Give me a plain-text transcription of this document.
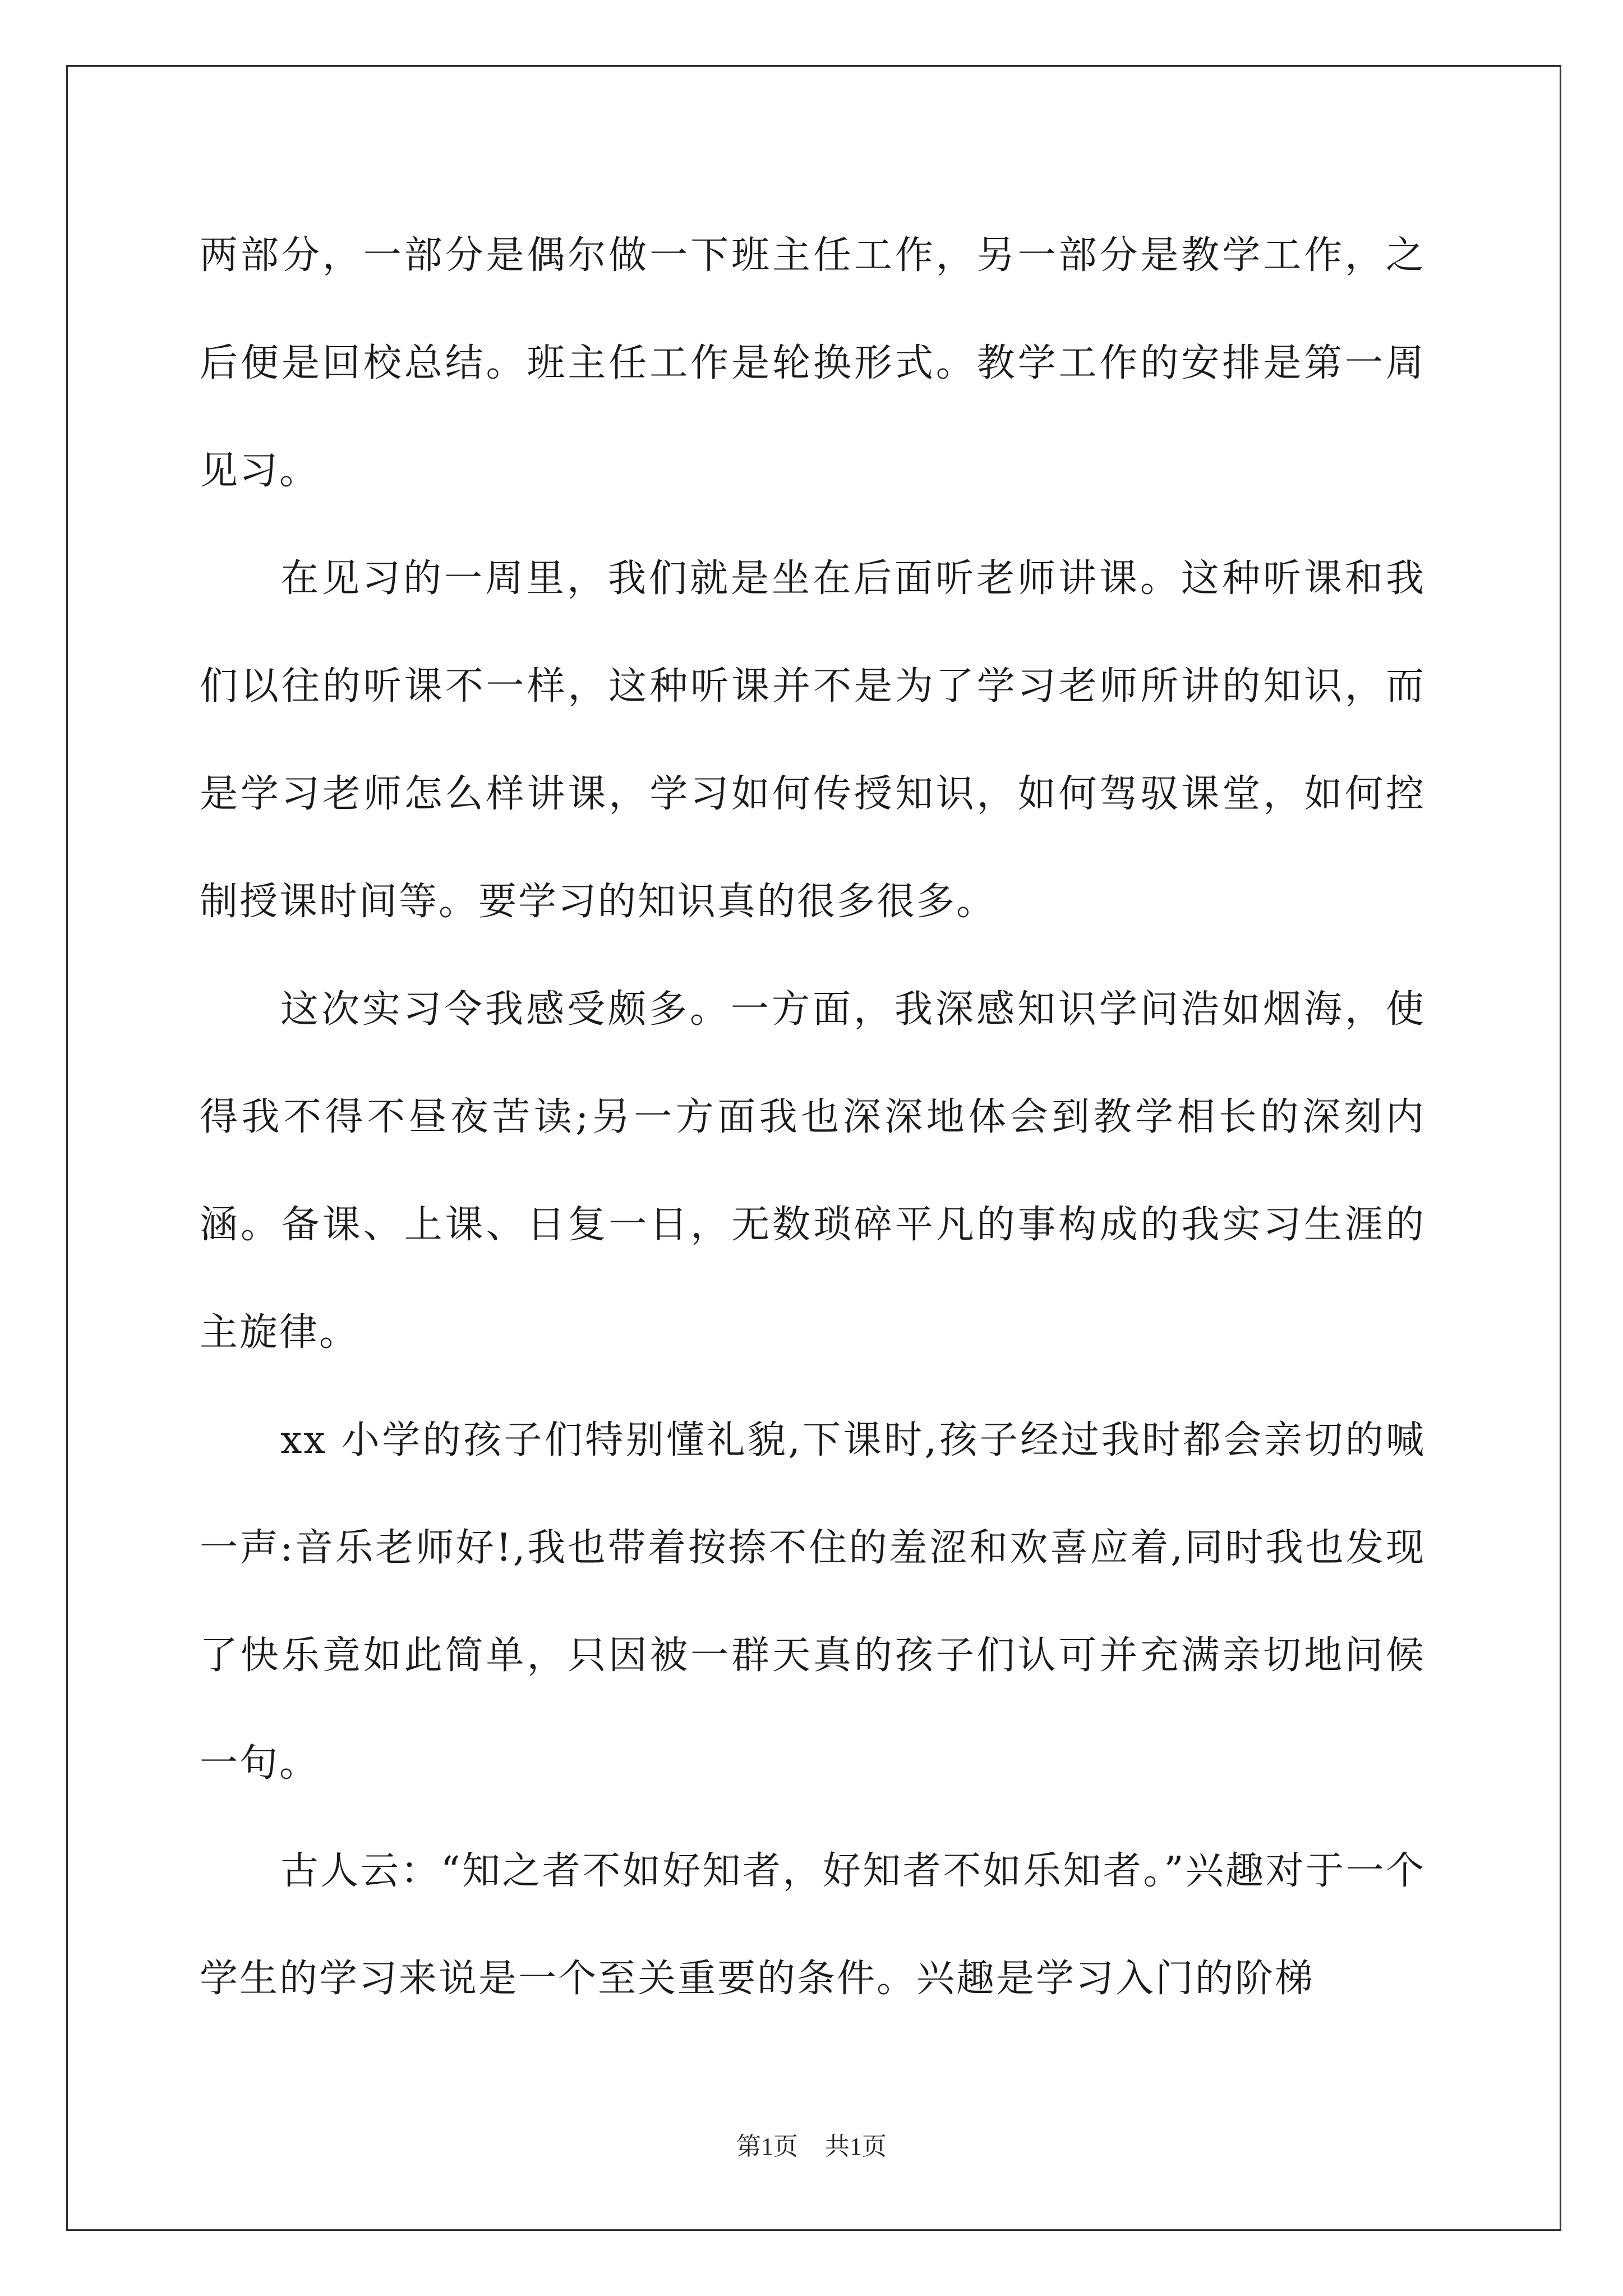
两部分，一部分是偶尔做一下班主任工作，另一部分是教学工作，之后便是回校总结。班主任工作是轮换形式。教学工作的安排是第一周见习。

在见习的一周里，我们就是坐在后面听老师讲课。这种听课和我们以往的听课不一样，这种听课并不是为了学习老师所讲的知识，而是学习老师怎么样讲课，学习如何传授知识，如何驾驭课堂，如何控制授课时间等。要学习的知识真的很多很多。

这次实习令我感受颇多。一方面，我深感知识学问浩如烟海，使得我不得不昼夜苦读;另一方面我也深深地体会到教学相长的深刻内涵。备课、上课、日复一日，无数琐碎平凡的事构成的我实习生涯的主旋律。

xx 小学的孩子们特别懂礼貌,下课时,孩子经过我时都会亲切的喊一声:音乐老师好!,我也带着按捺不住的羞涩和欢喜应着,同时我也发现了快乐竟如此简单，只因被一群天真的孩子们认可并充满亲切地问候一句。

古人云：“知之者不如好知者，好知者不如乐知者。”兴趣对于一个学生的学习来说是一个至关重要的条件。兴趣是学习入门的阶梯

第1页 共1页
